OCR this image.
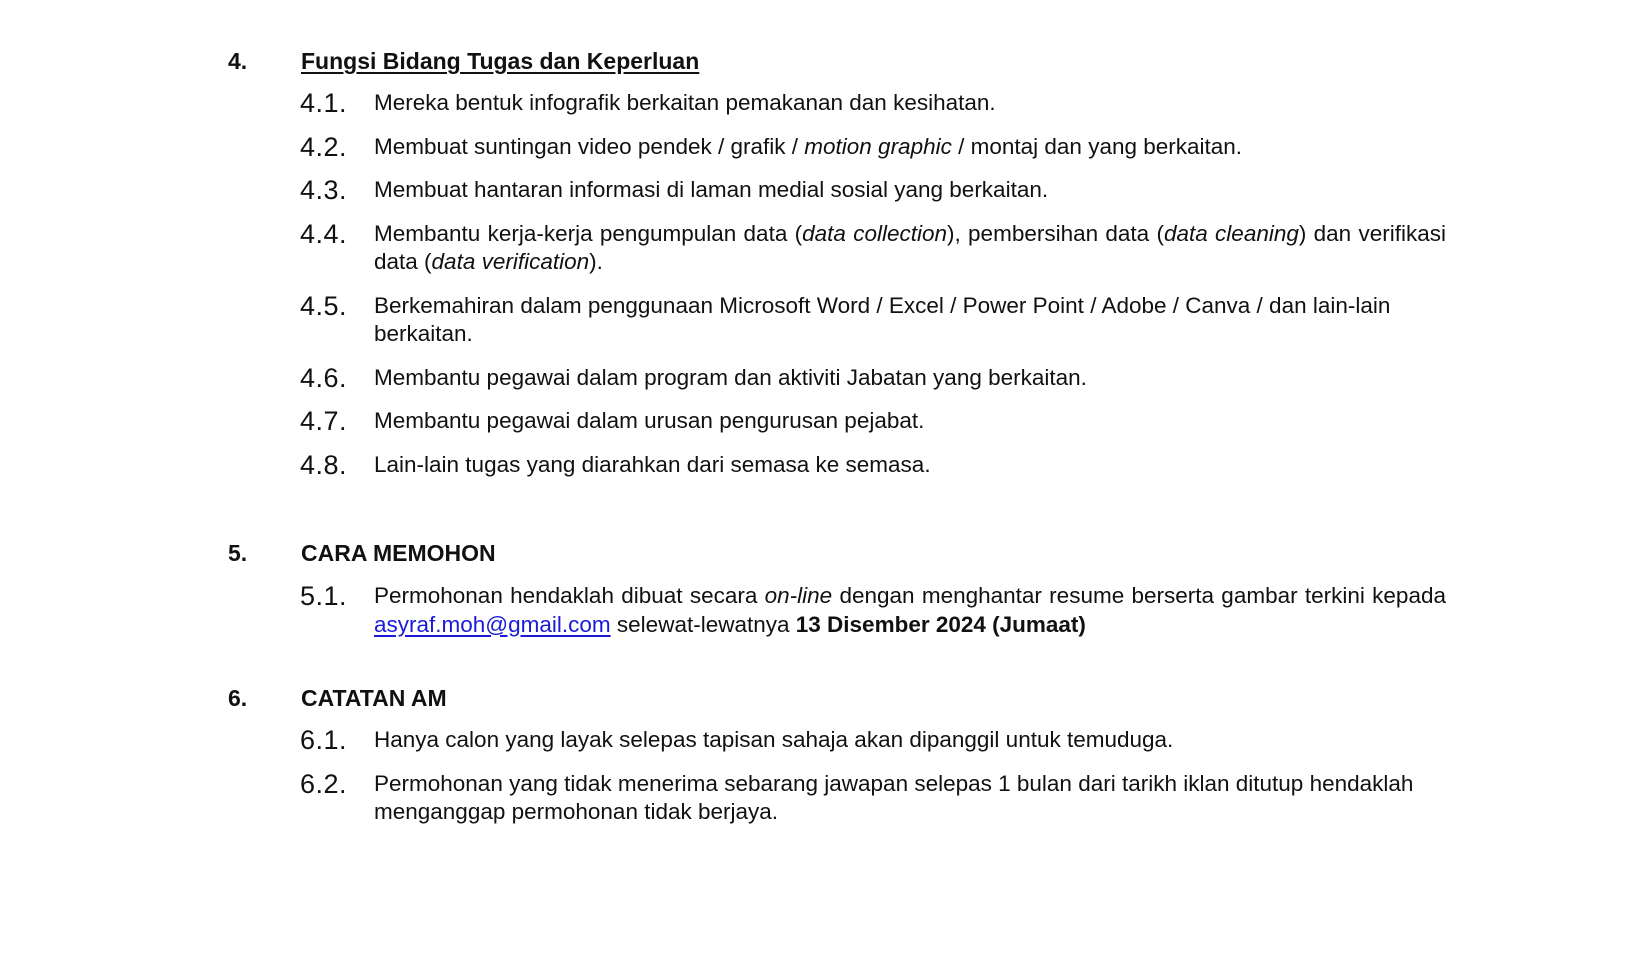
4.	Fungsi Bidang Tugas dan Keperluan
4.1.	Mereka bentuk infografik berkaitan pemakanan dan kesihatan.
4.2.	Membuat suntingan video pendek / grafik / motion graphic / montaj dan yang berkaitan.
4.3.	Membuat hantaran informasi di laman medial sosial yang berkaitan.
4.4.	Membantu kerja-kerja pengumpulan data (data collection), pembersihan data (data cleaning) dan verifikasi data (data verification).
4.5.	Berkemahiran dalam penggunaan Microsoft Word / Excel / Power Point / Adobe / Canva / dan lain-lain berkaitan.
4.6.	Membantu pegawai dalam program dan aktiviti Jabatan yang berkaitan.
4.7.	Membantu pegawai dalam urusan pengurusan pejabat.
4.8.	Lain-lain tugas yang diarahkan dari semasa ke semasa.
5.	CARA MEMOHON
5.1.	Permohonan hendaklah dibuat secara on-line dengan menghantar resume berserta gambar terkini kepada asyraf.moh@gmail.com selewat-lewatnya 13 Disember 2024 (Jumaat)
6.	CATATAN AM
6.1.	Hanya calon yang layak selepas tapisan sahaja akan dipanggil untuk temuduga.
6.2.	Permohonan yang tidak menerima sebarang jawapan selepas 1 bulan dari tarikh iklan ditutup hendaklah menganggap permohonan tidak berjaya.
